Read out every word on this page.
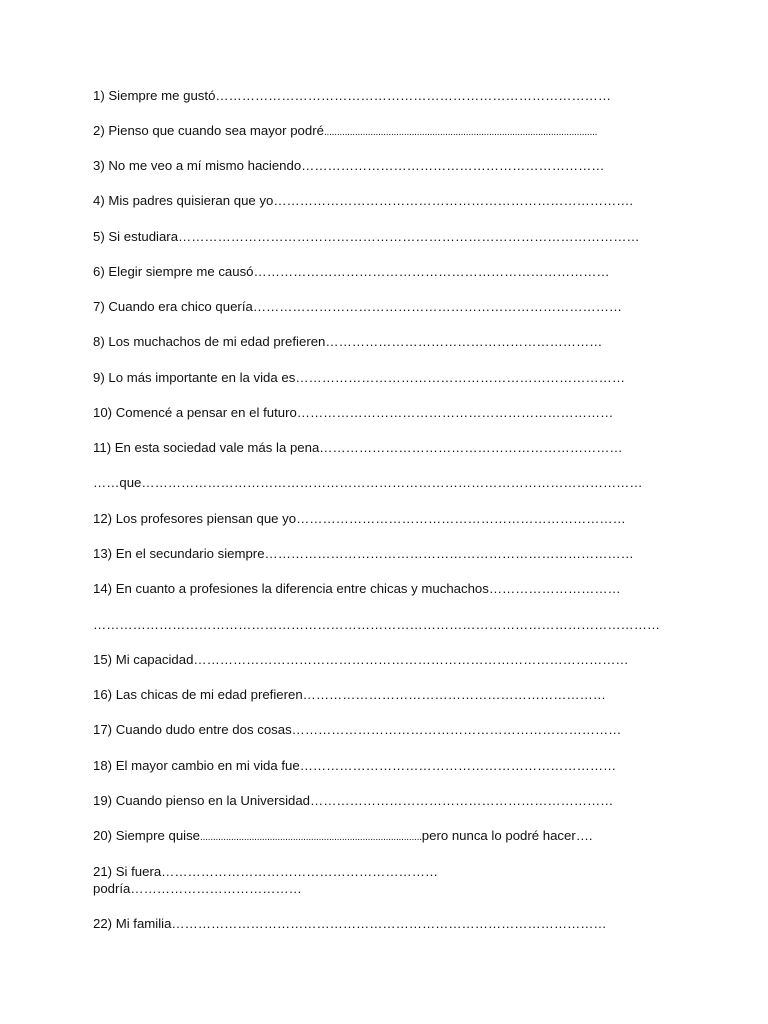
1) Siempre me gustó………………………………………………………………………………
2) Pienso que cuando sea mayor podré..........................................................................................................
3) No me veo a mí mismo haciendo……………………………………………………………
4) Mis padres quisieran que yo……………………………………………………………………….
5) Si estudiara……………………………………………………………………………………………
6) Elegir siempre me causó………………………………………………………………………
7) Cuando era chico quería…………………………………………………………………………
8) Los muchachos de mi edad prefieren………………………………………………………
9) Lo más importante en la vida es…………………………………………………………………
10) Comencé a pensar en el futuro………………………………………………………………
11) En esta sociedad vale más la pena……………………………………………………………
……que……………………………………………………………………………………………………
12) Los profesores piensan que yo…………………………………………………………………
13) En el secundario siempre…………………………………………………………………………
14) En cuanto a profesiones la diferencia entre chicas y muchachos…………………………
…………………………………………………………………………………………………………………
15) Mi capacidad………………………………………………………………………………………
16) Las chicas de mi edad prefieren……………………………………………………………
17) Cuando dudo entre dos cosas…………………………………………………………………
18) El mayor cambio en mi vida fue………………………………………………………………
19) Cuando pienso en la Universidad……………………………………………………………
20) Siempre quise......................................................................................pero nunca lo podré hacer….
21) Si fuera………………………………………………………
podría…………………………………
22) Mi familia………………………………………………………………………………………
